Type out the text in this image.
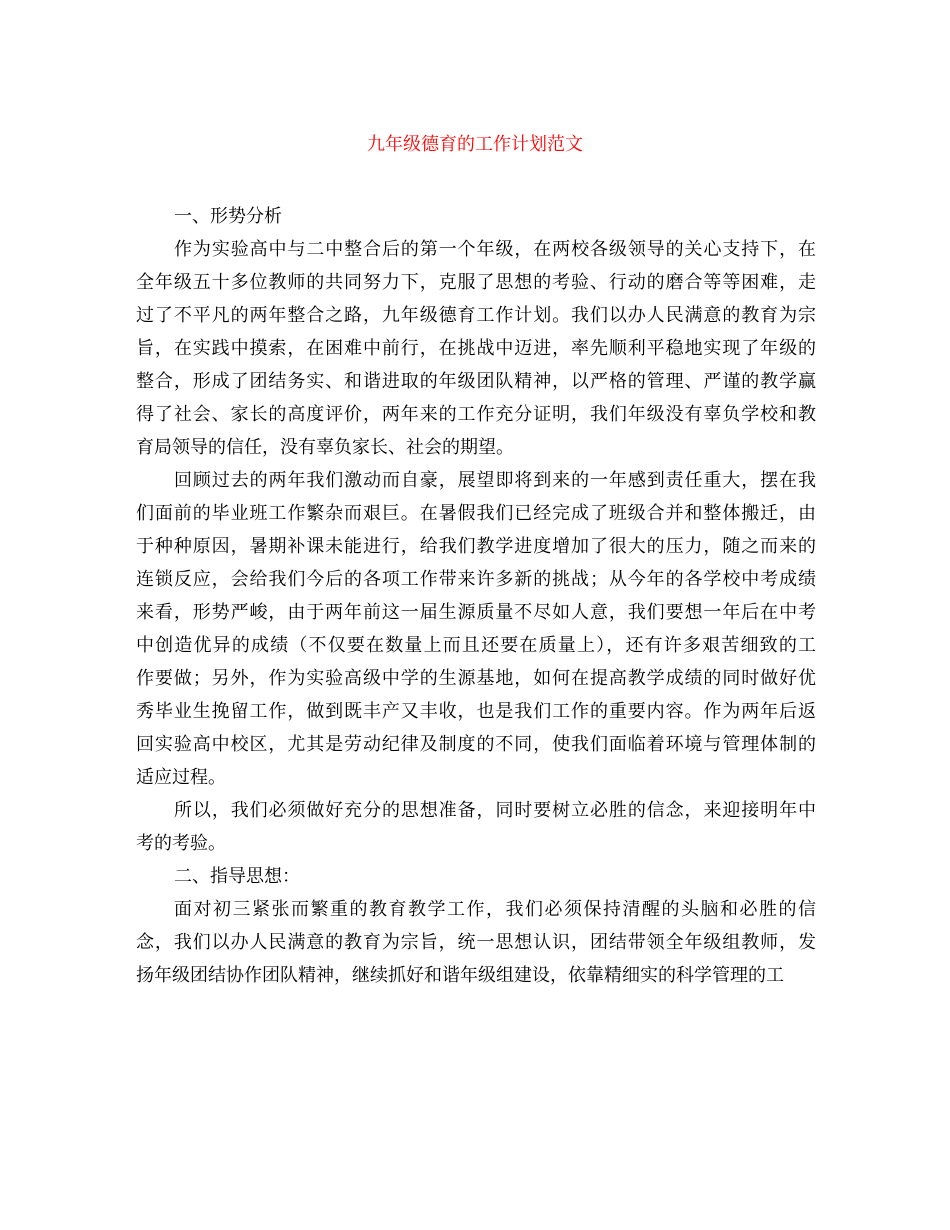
九年级德育的工作计划范文
一、形势分析
作为实验高中与二中整合后的第一个年级，在两校各级领导的关心支持下，在
全年级五十多位教师的共同努力下，克服了思想的考验、行动的磨合等等困难，走
过了不平凡的两年整合之路，九年级德育工作计划。我们以办人民满意的教育为宗
旨，在实践中摸索，在困难中前行，在挑战中迈进，率先顺利平稳地实现了年级的
整合，形成了团结务实、和谐进取的年级团队精神，以严格的管理、严谨的教学赢
得了社会、家长的高度评价，两年来的工作充分证明，我们年级没有辜负学校和教
育局领导的信任，没有辜负家长、社会的期望。
回顾过去的两年我们激动而自豪，展望即将到来的一年感到责任重大，摆在我
们面前的毕业班工作繁杂而艰巨。在暑假我们已经完成了班级合并和整体搬迁，由
于种种原因，暑期补课未能进行，给我们教学进度增加了很大的压力，随之而来的
连锁反应，会给我们今后的各项工作带来许多新的挑战；从今年的各学校中考成绩
来看，形势严峻，由于两年前这一届生源质量不尽如人意，我们要想一年后在中考
中创造优异的成绩（不仅要在数量上而且还要在质量上），还有许多艰苦细致的工
作要做；另外，作为实验高级中学的生源基地，如何在提高教学成绩的同时做好优
秀毕业生挽留工作，做到既丰产又丰收，也是我们工作的重要内容。作为两年后返
回实验高中校区，尤其是劳动纪律及制度的不同，使我们面临着环境与管理体制的
适应过程。
所以，我们必须做好充分的思想准备，同时要树立必胜的信念，来迎接明年中
考的考验。
二、指导思想：
面对初三紧张而繁重的教育教学工作，我们必须保持清醒的头脑和必胜的信
念，我们以办人民满意的教育为宗旨，统一思想认识，团结带领全年级组教师，发
扬年级团结协作团队精神，继续抓好和谐年级组建设，依靠精细实的科学管理的工
